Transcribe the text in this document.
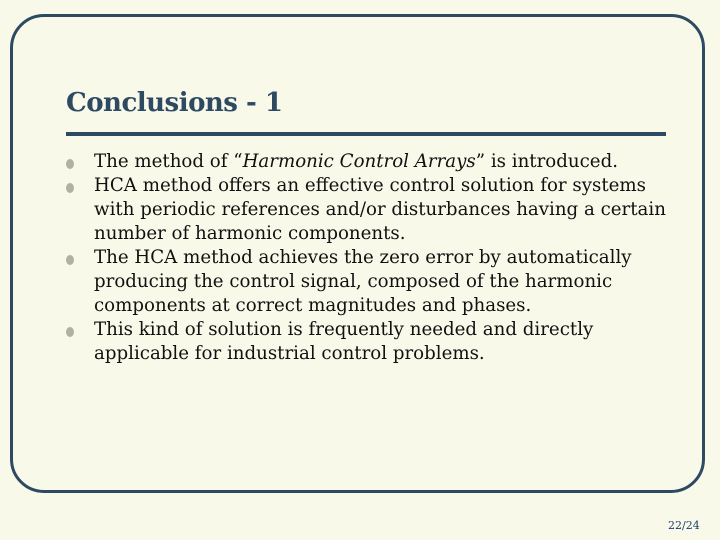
Conclusions - 1
The method of “Harmonic Control Arrays” is introduced.
HCA method offers an effective control solution for systems with periodic references and/or disturbances having a certain number of harmonic components.
The HCA method achieves the zero error by automatically producing the control signal, composed of the harmonic components at correct magnitudes and phases.
This kind of solution is frequently needed and directly applicable for industrial control problems.
22/24
